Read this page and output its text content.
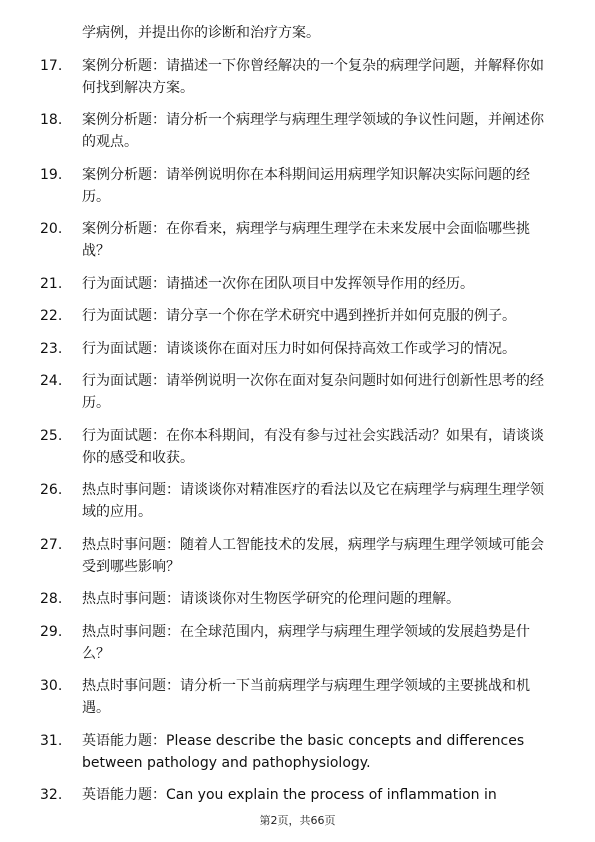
学病例，并提出你的诊断和治疗方案。
17.	案例分析题：请描述一下你曾经解决的一个复杂的病理学问题，并解释你如何找到解决方案。
18.	案例分析题：请分析一个病理学与病理生理学领域的争议性问题，并阐述你的观点。
19.	案例分析题：请举例说明你在本科期间运用病理学知识解决实际问题的经历。
20.	案例分析题：在你看来，病理学与病理生理学在未来发展中会面临哪些挑战？
21.	行为面试题：请描述一次你在团队项目中发挥领导作用的经历。
22.	行为面试题：请分享一个你在学术研究中遇到挫折并如何克服的例子。
23.	行为面试题：请谈谈你在面对压力时如何保持高效工作或学习的情况。
24.	行为面试题：请举例说明一次你在面对复杂问题时如何进行创新性思考的经历。
25.	行为面试题：在你本科期间，有没有参与过社会实践活动？如果有，请谈谈你的感受和收获。
26.	热点时事问题：请谈谈你对精准医疗的看法以及它在病理学与病理生理学领域的应用。
27.	热点时事问题：随着人工智能技术的发展，病理学与病理生理学领域可能会受到哪些影响？
28.	热点时事问题：请谈谈你对生物医学研究的伦理问题的理解。
29.	热点时事问题：在全球范围内，病理学与病理生理学领域的发展趋势是什么？
30.	热点时事问题：请分析一下当前病理学与病理生理学领域的主要挑战和机遇。
31.	英语能力题：Please describe the basic concepts and differences between pathology and pathophysiology.
32.	英语能力题：Can you explain the process of inflammation in
第2页，共66页
